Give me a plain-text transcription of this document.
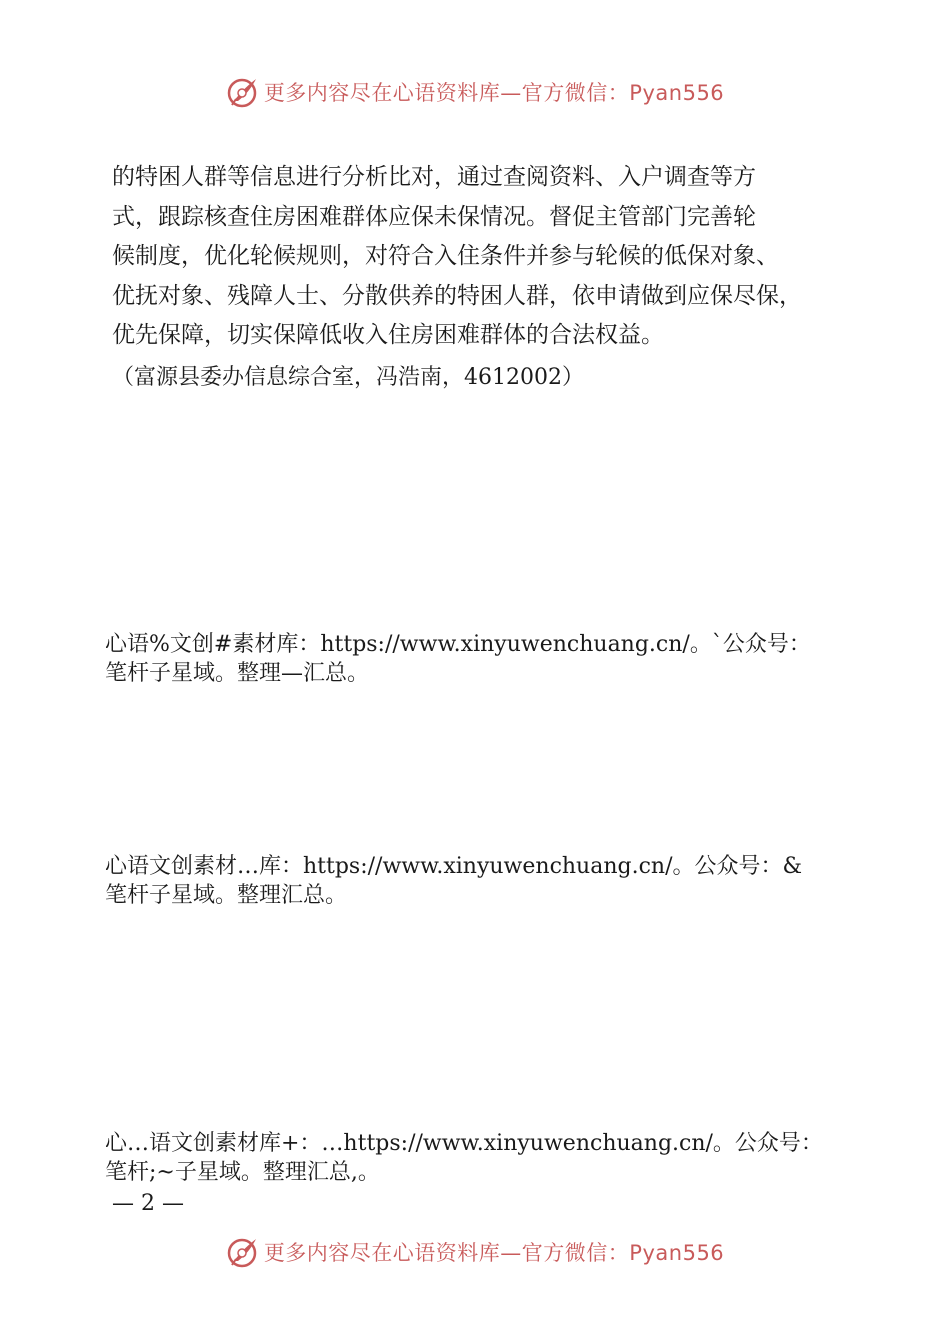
更多内容尽在心语资料库—官方微信：Pyan556
的特困人群等信息进行分析比对，通过查阅资料、入户调查等方
式，跟踪核查住房困难群体应保未保情况。督促主管部门完善轮
候制度，优化轮候规则，对符合入住条件并参与轮候的低保对象、
优抚对象、残障人士、分散供养的特困人群，依申请做到应保尽保，
优先保障，切实保障低收入住房困难群体的合法权益。
（富源县委办信息综合室，冯浩南，4612002）
心语%文创#素材库：https://www.xinyuwenchuang.cn/。`公众号：
笔杆子星域。整理—汇总。
心语文创素材…库：https://www.xinyuwenchuang.cn/。公众号：&
笔杆子星域。整理汇总。
心…语文创素材库+：…https://www.xinyuwenchuang.cn/。公众号：
笔杆;~子星域。整理汇总,。
— 2 —
更多内容尽在心语资料库—官方微信：Pyan556
